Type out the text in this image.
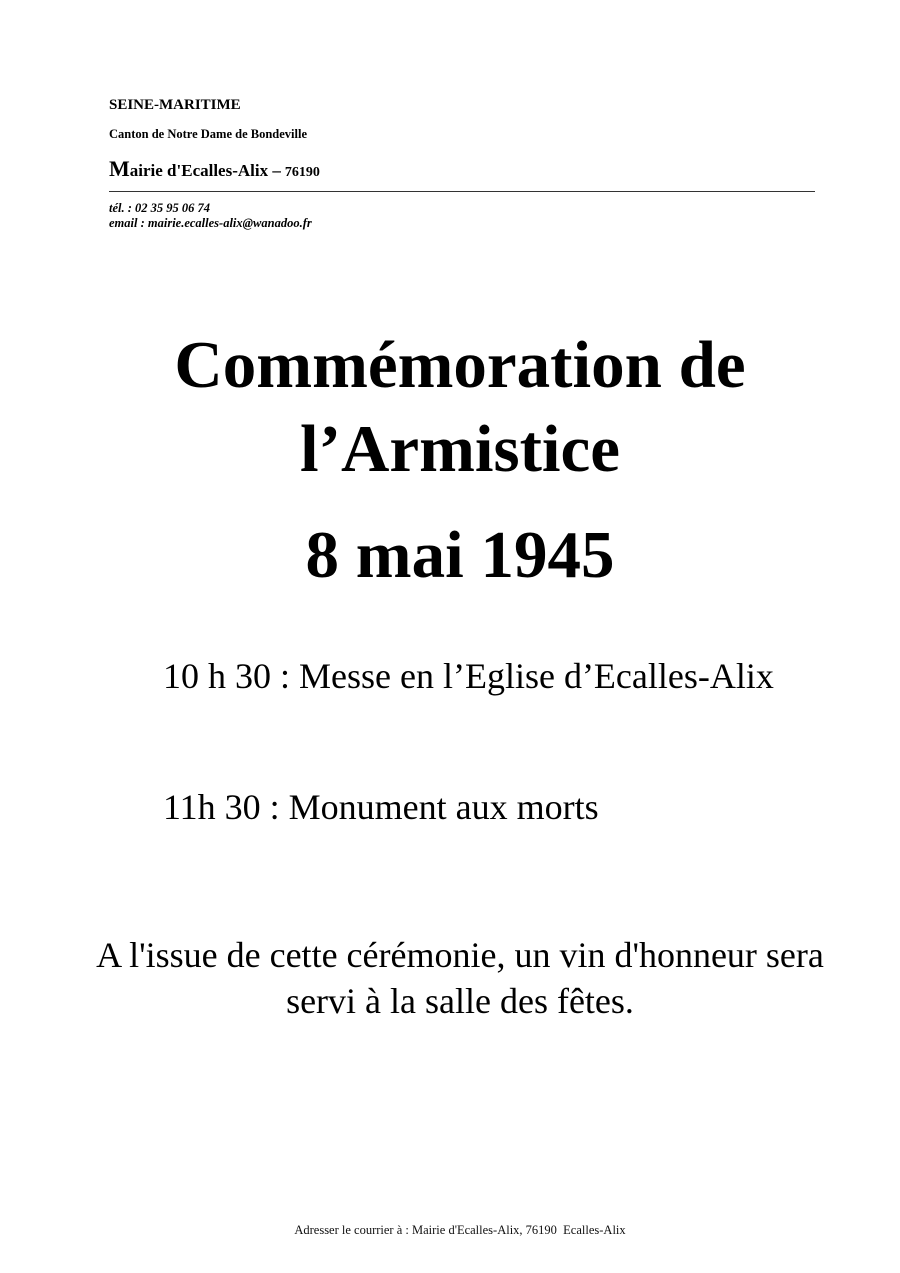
SEINE-MARITIME

Canton de Notre Dame de Bondeville

Mairie d'Ecalles-Alix – 76190
tél. : 02 35 95 06 74
email : mairie.ecalles-alix@wanadoo.fr
Commémoration de
l’Armistice
8 mai 1945

10 h 30 : Messe en l’Eglise d’Ecalles-Alix

11h 30 : Monument aux morts

A l'issue de cette cérémonie, un vin d'honneur sera servi à la salle des fêtes.

Adresser le courrier à : Mairie d'Ecalles-Alix, 76190  Ecalles-Alix
